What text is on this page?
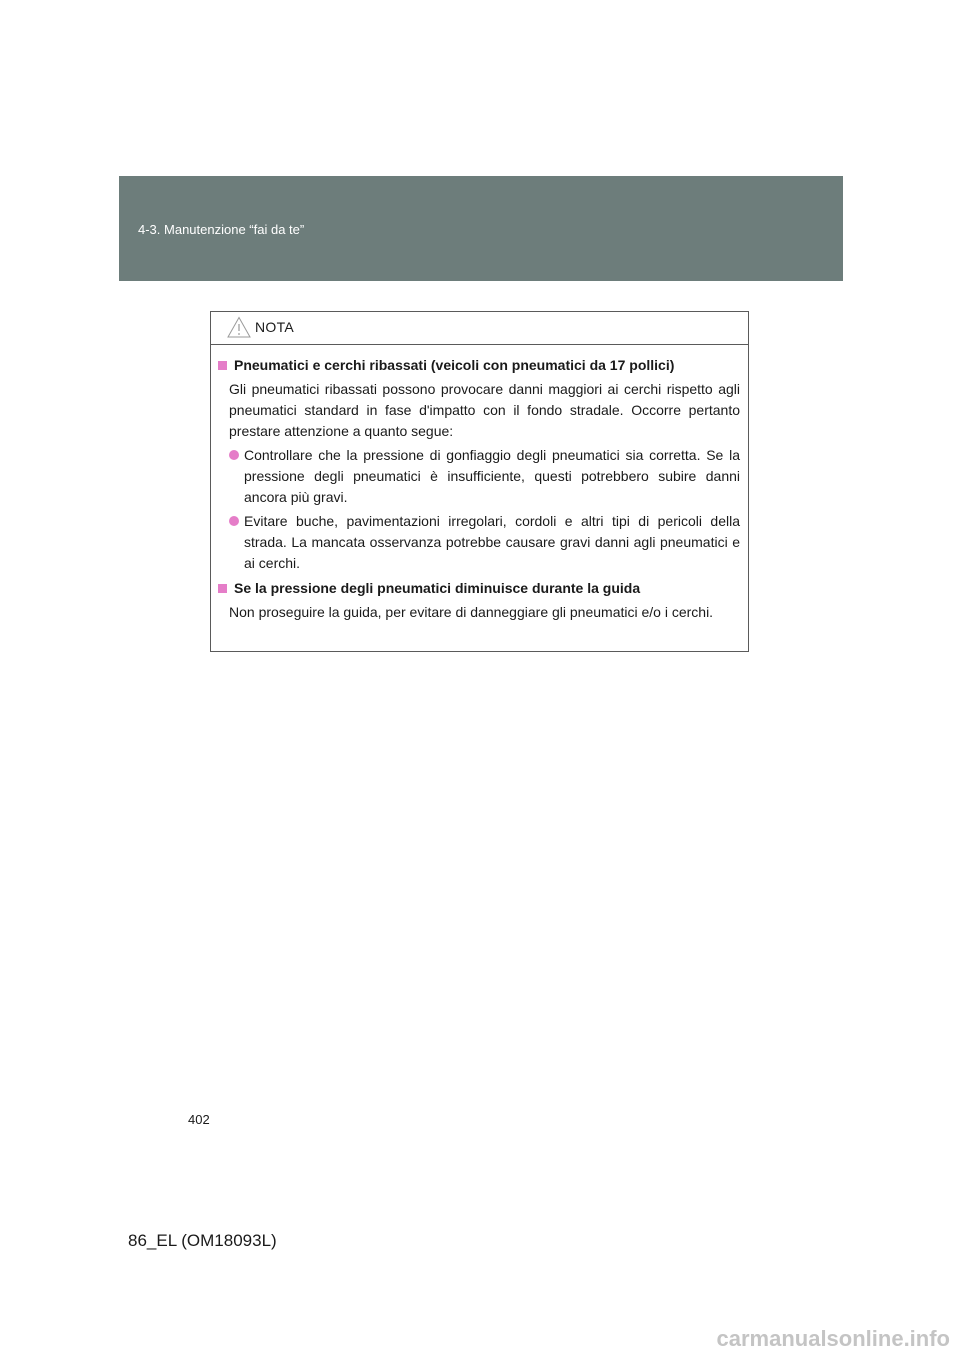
4-3. Manutenzione “fai da te”
NOTA
Pneumatici e cerchi ribassati (veicoli con pneumatici da 17 pollici)
Gli pneumatici ribassati possono provocare danni maggiori ai cerchi rispetto agli pneumatici standard in fase d'impatto con il fondo stradale. Occorre pertanto prestare attenzione a quanto segue:
Controllare che la pressione di gonfiaggio degli pneumatici sia corretta. Se la pressione degli pneumatici è insufficiente, questi potrebbero subire danni ancora più gravi.
Evitare buche, pavimentazioni irregolari, cordoli e altri tipi di pericoli della strada. La mancata osservanza potrebbe causare gravi danni agli pneumatici e ai cerchi.
Se la pressione degli pneumatici diminuisce durante la guida
Non proseguire la guida, per evitare di danneggiare gli pneumatici e/o i cerchi.
402
86_EL (OM18093L)
carmanualsonline.info
